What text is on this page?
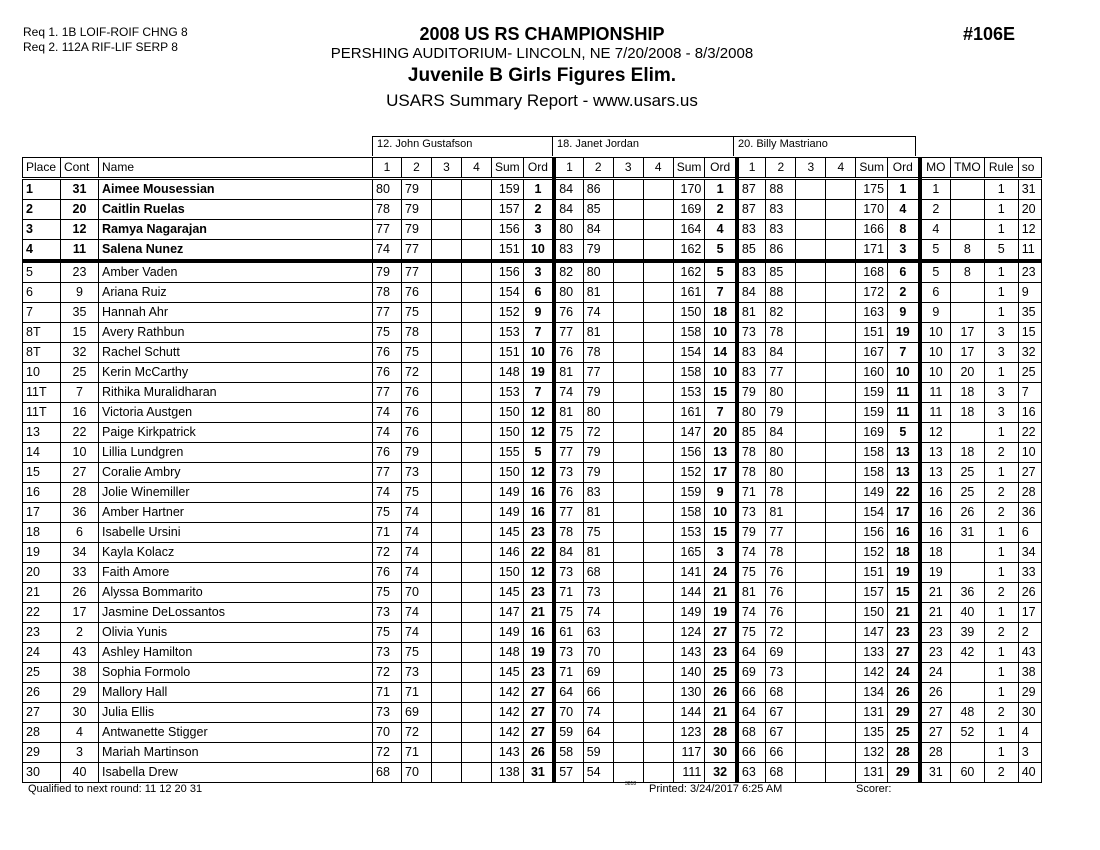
Req 1. 1B LOIF-ROIF CHNG 8
Req 2. 112A RIF-LIF SERP 8
2008 US RS CHAMPIONSHIP
PERSHING AUDITORIUM- LINCOLN, NE 7/20/2008 - 8/3/2008
Juvenile B Girls Figures Elim.
USARS Summary Report - www.usars.us
#106E
12. John Gustafson	18. Janet Jordan	20. Billy Mastriano
Place	Cont	Name	1	2	3	4	Sum	Ord	1	2	3	4	Sum	Ord	1	2	3	4	Sum	Ord	MO	TMO	Rule	so
1	31	Aimee Mousessian	80	79			159	1	84	86			170	1	87	88			175	1	1		1	31
2	20	Caitlin Ruelas	78	79			157	2	84	85			169	2	87	83			170	4	2		1	20
3	12	Ramya Nagarajan	77	79			156	3	80	84			164	4	83	83			166	8	4		1	12
4	11	Salena Nunez	74	77			151	10	83	79			162	5	85	86			171	3	5	8	5	11
5	23	Amber Vaden	79	77			156	3	82	80			162	5	83	85			168	6	5	8	1	23
6	9	Ariana Ruiz	78	76			154	6	80	81			161	7	84	88			172	2	6		1	9
7	35	Hannah Ahr	77	75			152	9	76	74			150	18	81	82			163	9	9		1	35
8T	15	Avery Rathbun	75	78			153	7	77	81			158	10	73	78			151	19	10	17	3	15
8T	32	Rachel Schutt	76	75			151	10	76	78			154	14	83	84			167	7	10	17	3	32
10	25	Kerin McCarthy	76	72			148	19	81	77			158	10	83	77			160	10	10	20	1	25
11T	7	Rithika Muralidharan	77	76			153	7	74	79			153	15	79	80			159	11	11	18	3	7
11T	16	Victoria Austgen	74	76			150	12	81	80			161	7	80	79			159	11	11	18	3	16
13	22	Paige Kirkpatrick	74	76			150	12	75	72			147	20	85	84			169	5	12		1	22
14	10	Lillia Lundgren	76	79			155	5	77	79			156	13	78	80			158	13	13	18	2	10
15	27	Coralie Ambry	77	73			150	12	73	79			152	17	78	80			158	13	13	25	1	27
16	28	Jolie Winemiller	74	75			149	16	76	83			159	9	71	78			149	22	16	25	2	28
17	36	Amber Hartner	75	74			149	16	77	81			158	10	73	81			154	17	16	26	2	36
18	6	Isabelle Ursini	71	74			145	23	78	75			153	15	79	77			156	16	16	31	1	6
19	34	Kayla Kolacz	72	74			146	22	84	81			165	3	74	78			152	18	18		1	34
20	33	Faith Amore	76	74			150	12	73	68			141	24	75	76			151	19	19		1	33
21	26	Alyssa Bommarito	75	70			145	23	71	73			144	21	81	76			157	15	21	36	2	26
22	17	Jasmine DeLossantos	73	74			147	21	75	74			149	19	74	76			150	21	21	40	1	17
23	2	Olivia Yunis	75	74			149	16	61	63			124	27	75	72			147	23	23	39	2	2
24	43	Ashley Hamilton	73	75			148	19	73	70			143	23	64	69			133	27	23	42	1	43
25	38	Sophia Formolo	72	73			145	23	71	69			140	25	69	73			142	24	24		1	38
26	29	Mallory Hall	71	71			142	27	64	66			130	26	66	68			134	26	26		1	29
27	30	Julia Ellis	73	69			142	27	70	74			144	21	64	67			131	29	27	48	2	30
28	4	Antwanette Stigger	70	72			142	27	59	64			123	28	68	67			135	25	27	52	1	4
29	3	Mariah Martinson	72	71			143	26	58	59			117	30	66	66			132	28	28		1	3
30	40	Isabella Drew	68	70			138	31	57	54			111	32	63	68			131	29	31	60	2	40
Qualified to next round: 11 12 20 31	3818 Printed: 3/24/2017 6:25 AM	Scorer:
